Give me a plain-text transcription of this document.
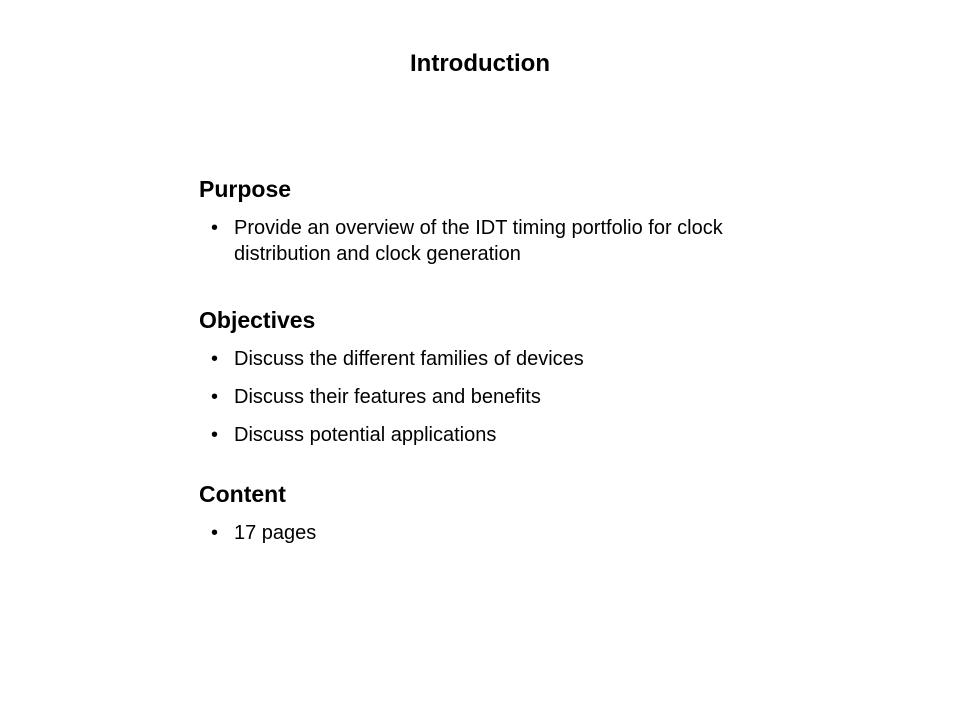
Introduction
Purpose
• Provide an overview of the IDT timing portfolio for clock distribution and clock generation
Objectives
• Discuss the different families of devices
• Discuss their features and benefits
• Discuss potential applications
Content
• 17 pages
